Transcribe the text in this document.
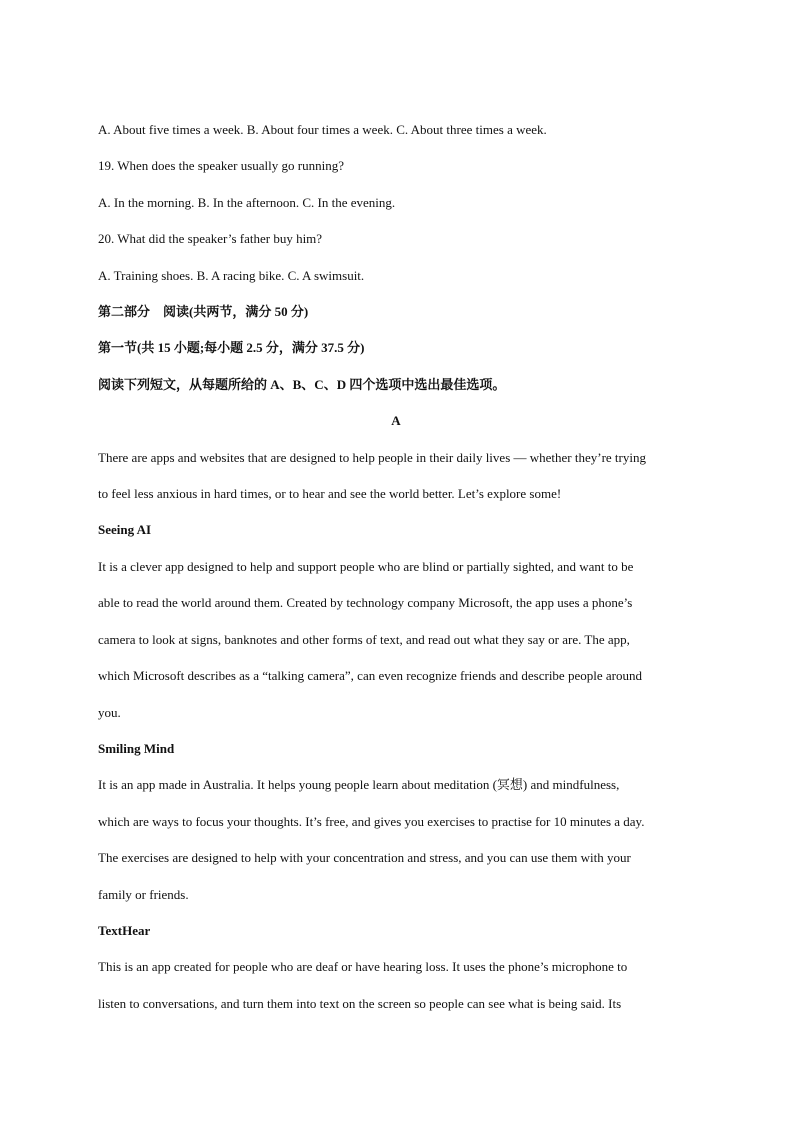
A. About five times a week. B. About four times a week. C. About three times a week.

19. When does the speaker usually go running?

A. In the morning. B. In the afternoon. C. In the evening.

20. What did the speaker’s father buy him?

A. Training shoes. B. A racing bike. C. A swimsuit.

第二部分　阅读(共两节，满分 50 分)

第一节(共 15 小题;每小题 2.5 分，满分 37.5 分)

阅读下列短文，从每题所给的 A、B、C、D 四个选项中选出最佳选项。

A

There are apps and websites that are designed to help people in their daily lives — whether they’re trying

to feel less anxious in hard times, or to hear and see the world better. Let’s explore some!

Seeing AI

It is a clever app designed to help and support people who are blind or partially sighted, and want to be

able to read the world around them. Created by technology company Microsoft, the app uses a phone’s

camera to look at signs, banknotes and other forms of text, and read out what they say or are. The app,

which Microsoft describes as a “talking camera”, can even recognize friends and describe people around

you.

Smiling Mind

It is an app made in Australia. It helps young people learn about meditation (冥想) and mindfulness,

which are ways to focus your thoughts. It’s free, and gives you exercises to practise for 10 minutes a day.

The exercises are designed to help with your concentration and stress, and you can use them with your

family or friends.

TextHear

This is an app created for people who are deaf or have hearing loss. It uses the phone’s microphone to

listen to conversations, and turn them into text on the screen so people can see what is being said. Its
